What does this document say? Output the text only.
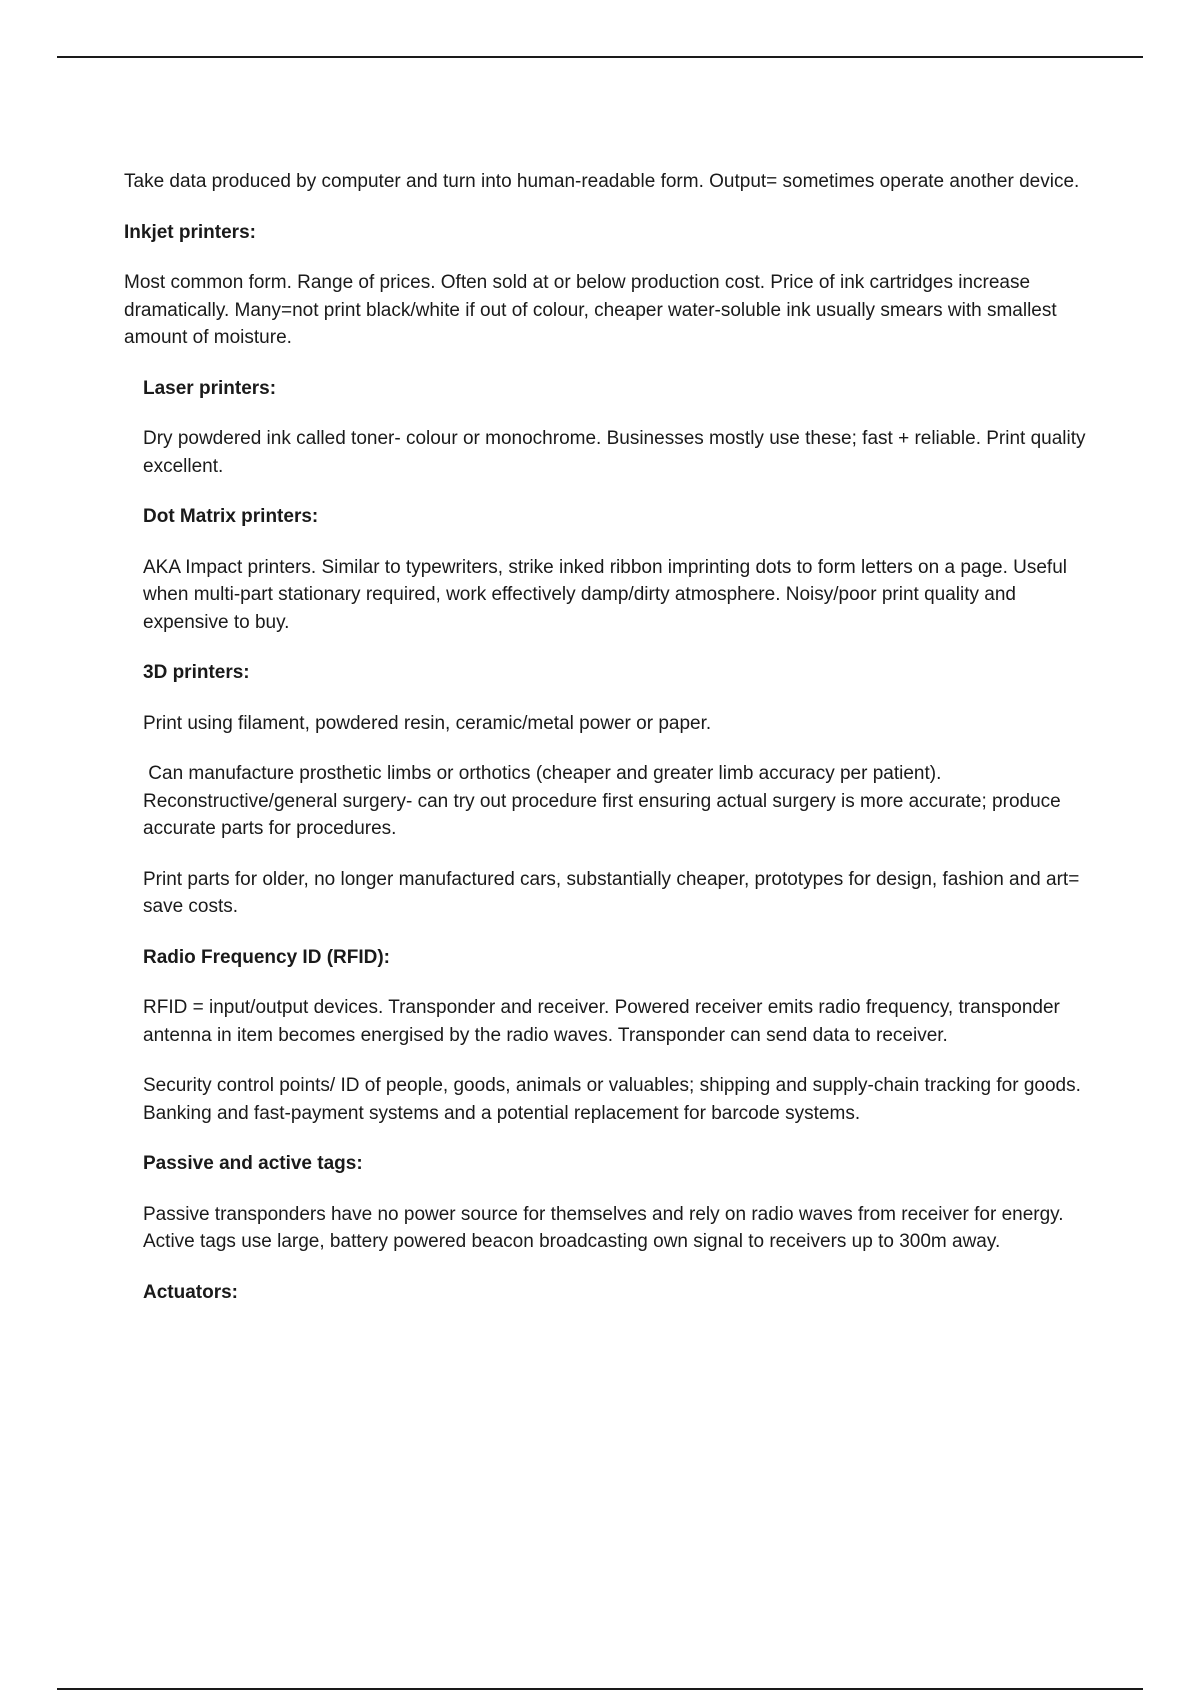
Take data produced by computer and turn into human-readable form. Output= sometimes operate another device.

Inkjet printers:

Most common form. Range of prices. Often sold at or below production cost. Price of ink cartridges increase dramatically. Many=not print black/white if out of colour, cheaper water-soluble ink usually smears with smallest amount of moisture.

Laser printers:

Dry powdered ink called toner- colour or monochrome. Businesses mostly use these; fast + reliable. Print quality excellent.

Dot Matrix printers:

AKA Impact printers. Similar to typewriters, strike inked ribbon imprinting dots to form letters on a page. Useful when multi-part stationary required, work effectively damp/dirty atmosphere. Noisy/poor print quality and expensive to buy.

3D printers:

Print using filament, powdered resin, ceramic/metal power or paper.

Can manufacture prosthetic limbs or orthotics (cheaper and greater limb accuracy per patient). Reconstructive/general surgery- can try out procedure first ensuring actual surgery is more accurate; produce accurate parts for procedures.

Print parts for older, no longer manufactured cars, substantially cheaper, prototypes for design, fashion and art= save costs.

Radio Frequency ID (RFID):

RFID = input/output devices. Transponder and receiver. Powered receiver emits radio frequency, transponder antenna in item becomes energised by the radio waves. Transponder can send data to receiver.

Security control points/ ID of people, goods, animals or valuables; shipping and supply-chain tracking for goods. Banking and fast-payment systems and a potential replacement for barcode systems.

Passive and active tags:

Passive transponders have no power source for themselves and rely on radio waves from receiver for energy. Active tags use large, battery powered beacon broadcasting own signal to receivers up to 300m away.

Actuators:
